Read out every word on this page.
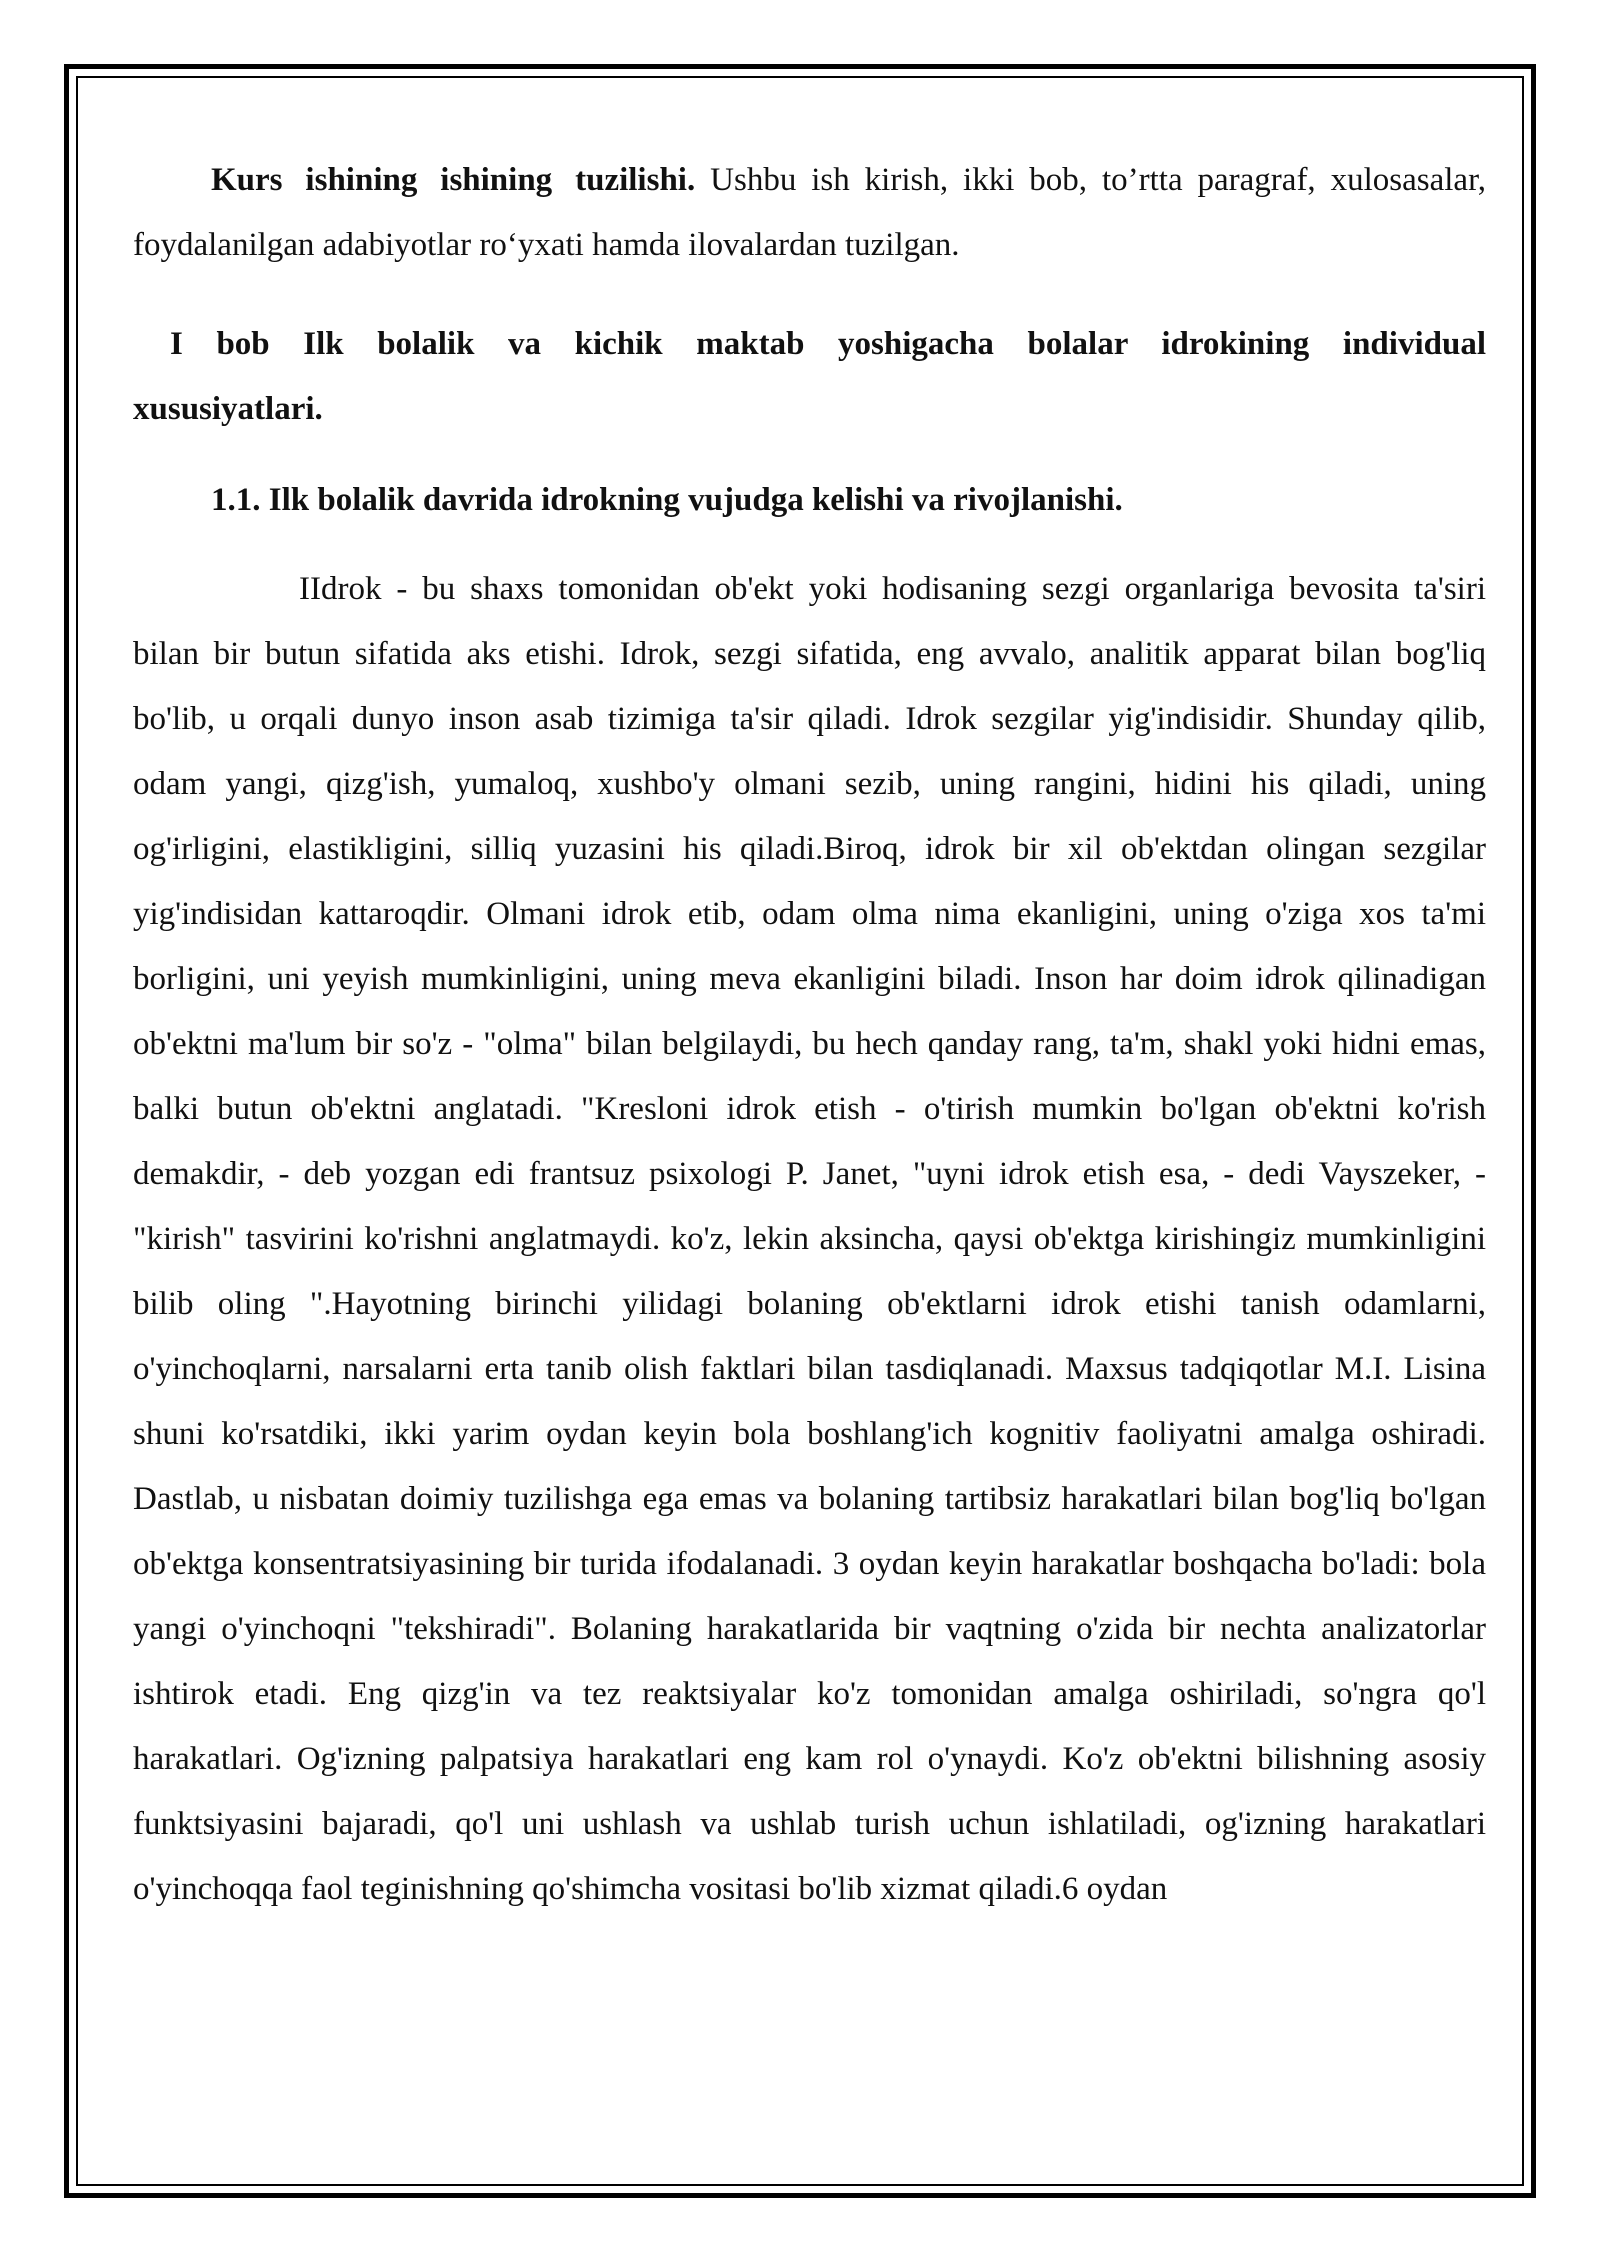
Kurs ishining ishining tuzilishi. Ushbu ish kirish, ikki bob, to’rtta paragraf, xulosasalar, foydalanilgan adabiyotlar ro‘yxati hamda ilovalardan tuzilgan.

I bob Ilk bolalik va kichik maktab yoshigacha bolalar idrokining individual xususiyatlari.

1.1. Ilk bolalik davrida idrokning vujudga kelishi va rivojlanishi.

IIdrok - bu shaxs tomonidan ob'ekt yoki hodisaning sezgi organlariga bevosita ta'siri bilan bir butun sifatida aks etishi. Idrok, sezgi sifatida, eng avvalo, analitik apparat bilan bog'liq bo'lib, u orqali dunyo inson asab tizimiga ta'sir qiladi. Idrok sezgilar yig'indisidir. Shunday qilib, odam yangi, qizg'ish, yumaloq, xushbo'y olmani sezib, uning rangini, hidini his qiladi, uning og'irligini, elastikligini, silliq yuzasini his qiladi.Biroq, idrok bir xil ob'ektdan olingan sezgilar yig'indisidan kattaroqdir. Olmani idrok etib, odam olma nima ekanligini, uning o'ziga xos ta'mi borligini, uni yeyish mumkinligini, uning meva ekanligini biladi. Inson har doim idrok qilinadigan ob'ektni ma'lum bir so'z - "olma" bilan belgilaydi, bu hech qanday rang, ta'm, shakl yoki hidni emas, balki butun ob'ektni anglatadi. "Kresloni idrok etish - o'tirish mumkin bo'lgan ob'ektni ko'rish demakdir, - deb yozgan edi frantsuz psixologi P. Janet, "uyni idrok etish esa, - dedi Vayszeker, - "kirish" tasvirini ko'rishni anglatmaydi. ko'z, lekin aksincha, qaysi ob'ektga kirishingiz mumkinligini bilib oling ".Hayotning birinchi yilidagi bolaning ob'ektlarni idrok etishi tanish odamlarni, o'yinchoqlarni, narsalarni erta tanib olish faktlari bilan tasdiqlanadi. Maxsus tadqiqotlar M.I. Lisina shuni ko'rsatdiki, ikki yarim oydan keyin bola boshlang'ich kognitiv faoliyatni amalga oshiradi. Dastlab, u nisbatan doimiy tuzilishga ega emas va bolaning tartibsiz harakatlari bilan bog'liq bo'lgan ob'ektga konsentratsiyasining bir turida ifodalanadi. 3 oydan keyin harakatlar boshqacha bo'ladi: bola yangi o'yinchoqni "tekshiradi". Bolaning harakatlarida bir vaqtning o'zida bir nechta analizatorlar ishtirok etadi. Eng qizg'in va tez reaktsiyalar ko'z tomonidan amalga oshiriladi, so'ngra qo'l harakatlari. Og'izning palpatsiya harakatlari eng kam rol o'ynaydi. Ko'z ob'ektni bilishning asosiy funktsiyasini bajaradi, qo'l uni ushlash va ushlab turish uchun ishlatiladi, og'izning harakatlari o'yinchoqqa faol teginishning qo'shimcha vositasi bo'lib xizmat qiladi.6 oydan
